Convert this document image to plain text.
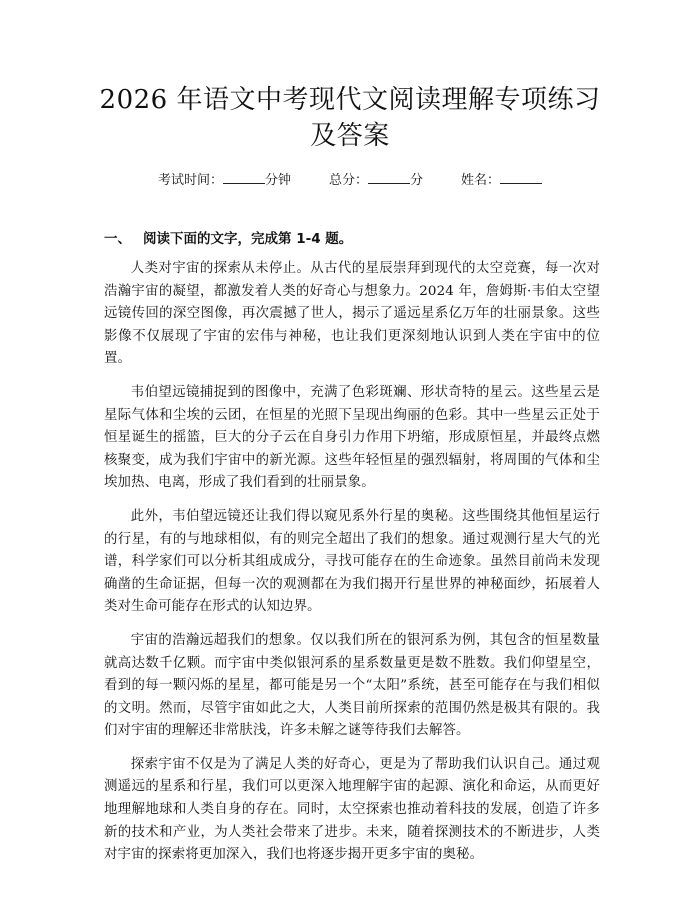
2026 年语文中考现代文阅读理解专项练习及答案
考试时间：	分钟	总分：	分	姓名：
一、 阅读下面的文字，完成第 1-4 题。

人类对宇宙的探索从未停止。从古代的星辰崇拜到现代的太空竞赛，每一次对浩瀚宇宙的凝望，都激发着人类的好奇心与想象力。2024 年，詹姆斯·韦伯太空望远镜传回的深空图像，再次震撼了世人，揭示了遥远星系亿万年的壮丽景象。这些影像不仅展现了宇宙的宏伟与神秘，也让我们更深刻地认识到人类在宇宙中的位置。

韦伯望远镜捕捉到的图像中，充满了色彩斑斓、形状奇特的星云。这些星云是星际气体和尘埃的云团，在恒星的光照下呈现出绚丽的色彩。其中一些星云正处于恒星诞生的摇篮，巨大的分子云在自身引力作用下坍缩，形成原恒星，并最终点燃核聚变，成为我们宇宙中的新光源。这些年轻恒星的强烈辐射，将周围的气体和尘埃加热、电离，形成了我们看到的壮丽景象。

此外，韦伯望远镜还让我们得以窥见系外行星的奥秘。这些围绕其他恒星运行的行星，有的与地球相似，有的则完全超出了我们的想象。通过观测行星大气的光谱，科学家们可以分析其组成成分，寻找可能存在的生命迹象。虽然目前尚未发现确凿的生命证据，但每一次的观测都在为我们揭开行星世界的神秘面纱，拓展着人类对生命可能存在形式的认知边界。

宇宙的浩瀚远超我们的想象。仅以我们所在的银河系为例，其包含的恒星数量就高达数千亿颗。而宇宙中类似银河系的星系数量更是数不胜数。我们仰望星空，看到的每一颗闪烁的星星，都可能是另一个“太阳”系统，甚至可能存在与我们相似的文明。然而，尽管宇宙如此之大，人类目前所探索的范围仍然是极其有限的。我们对宇宙的理解还非常肤浅，许多未解之谜等待我们去解答。

探索宇宙不仅是为了满足人类的好奇心，更是为了帮助我们认识自己。通过观测遥远的星系和行星，我们可以更深入地理解宇宙的起源、演化和命运，从而更好地理解地球和人类自身的存在。同时，太空探索也推动着科技的发展，创造了许多新的技术和产业，为人类社会带来了进步。未来，随着探测技术的不断进步，人类对宇宙的探索将更加深入，我们也将逐步揭开更多宇宙的奥秘。
